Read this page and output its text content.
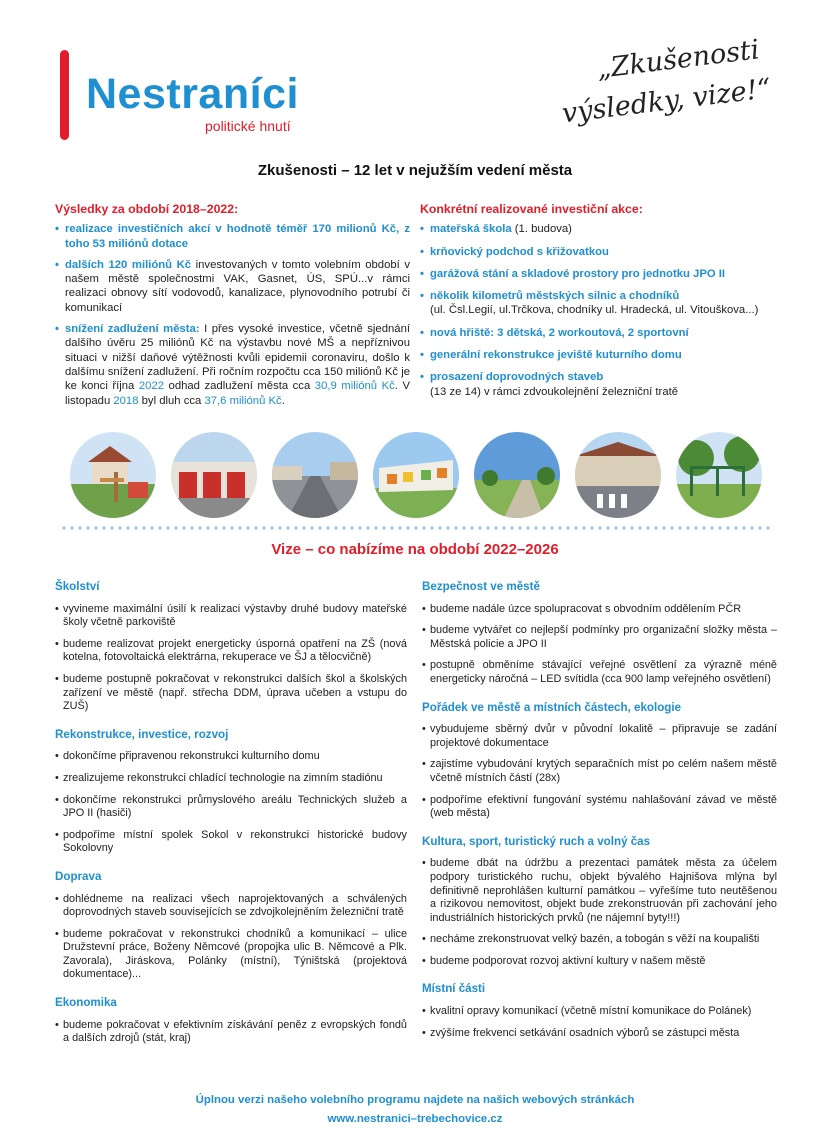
Nestraníci
politické hnutí
„Zkušenosti
výsledky, vize!“
Zkušenosti – 12 let v nejužším vedení města
Výsledky za období 2018–2022:
• realizace investičních akcí v hodnotě téměř 170 milionů Kč, z toho 53 miliónů dotace
• dalších 120 miliónů Kč investovaných v tomto volebním období v našem městě společnostmi VAK, Gasnet, ÚS, SPÚ...v rámci realizaci obnovy sítí vodovodů, kanalizace, plynovodního potrubí či komunikací
• snížení zadlužení města: I přes vysoké investice, včetně sjednání dalšího úvěru 25 miliónů Kč na výstavbu nové MŠ a nepříznivou situaci v nižší daňové výtěžnosti kvůli epidemii coronaviru, došlo k dalšímu snížení zadlužení. Při ročním rozpočtu cca 150 miliónů Kč je ke konci října 2022 odhad zadlužení města cca 30,9 miliónů Kč. V listopadu 2018 byl dluh cca 37,6 miliónů Kč.
Konkrétní realizované investiční akce:
• mateřská škola (1. budova)
• krňovický podchod s křižovatkou
• garážová stání a skladové prostory pro jednotku JPO II
• několik kilometrů městských silnic a chodníků
(ul. Čsl.Legií, ul.Trčkova, chodníky ul. Hradecká, ul. Vitouškova...)
• nová hřiště: 3 dětská, 2 workoutová, 2 sportovní
• generální rekonstrukce jeviště kuturního domu
• prosazení doprovodných staveb
(13 ze 14) v rámci zdvoukolejnění železniční tratě
Vize – co nabízíme na období 2022–2026
Školství
• vyvineme maximální úsilí k realizaci výstavby druhé budovy mateřské školy včetně parkoviště
• budeme realizovat projekt energeticky úsporná opatření na ZŠ (nová kotelna, fotovoltaická elektrárna, rekuperace ve ŠJ a tělocvičně)
• budeme postupně pokračovat v rekonstrukci dalších škol a školských zařízení ve městě (např. střecha DDM, úprava učeben a vstupu do ZUŠ)
Rekonstrukce, investice, rozvoj
• dokončíme připravenou rekonstrukci kulturního domu
• zrealizujeme rekonstrukci chladící technologie na zimním stadiónu
• dokončíme rekonstrukci průmyslového areálu Technických služeb a JPO II (hasiči)
• podpoříme místní spolek Sokol v rekonstrukci historické budovy Sokolovny
Doprava
• dohlédneme na realizaci všech naprojektovaných a schválených doprovodných staveb souvisejících se zdvojkolejněním železniční tratě
• budeme pokračovat v rekonstrukci chodníků a komunikací – ulice Družstevní práce, Boženy Němcové (propojka ulic B. Němcové a Plk. Zavorala), Jiráskova, Polánky (místní), Týništská (projektová dokumentace)...
Ekonomika
• budeme pokračovat v efektivním získávání peněz z evropských fondů a dalších zdrojů (stát, kraj)
Bezpečnost ve městě
• budeme nadále úzce spolupracovat s obvodním oddělením PČR
• budeme vytvářet co nejlepší podmínky pro organizační složky města – Městská policie a JPO II
• postupně obměníme stávající veřejné osvětlení za výrazně méně energeticky náročná – LED svítidla (cca 900 lamp veřejného osvětlení)
Pořádek ve městě a místních částech, ekologie
• vybudujeme sběrný dvůr v původní lokalitě – připravuje se zadání projektové dokumentace
• zajistíme vybudování krytých separačních míst po celém našem městě včetně místních částí (28x)
• podpoříme efektivní fungování systému nahlašování závad ve městě (web města)
Kultura, sport, turistický ruch a volný čas
• budeme dbát na údržbu a prezentaci památek města za účelem podpory turistického ruchu, objekt bývalého Hajnišova mlýna byl definitivně neprohlášen kulturní památkou – vyřešíme tuto neutěšenou a rizikovou nemovitost, objekt bude zrekonstruován při zachování jeho industriálních historických prvků (ne nájemní byty!!!)
• necháme zrekonstruovat velký bazén, a tobogán s věží na koupališti
• budeme podporovat rozvoj aktivní kultury v našem městě
Místní části
• kvalitní opravy komunikací (včetně místní komunikace do Polánek)
• zvýšíme frekvenci setkávání osadních výborů se zástupci města
Úplnou verzi našeho volebního programu najdete na našich webových stránkách
www.nestranici–trebechovice.cz
